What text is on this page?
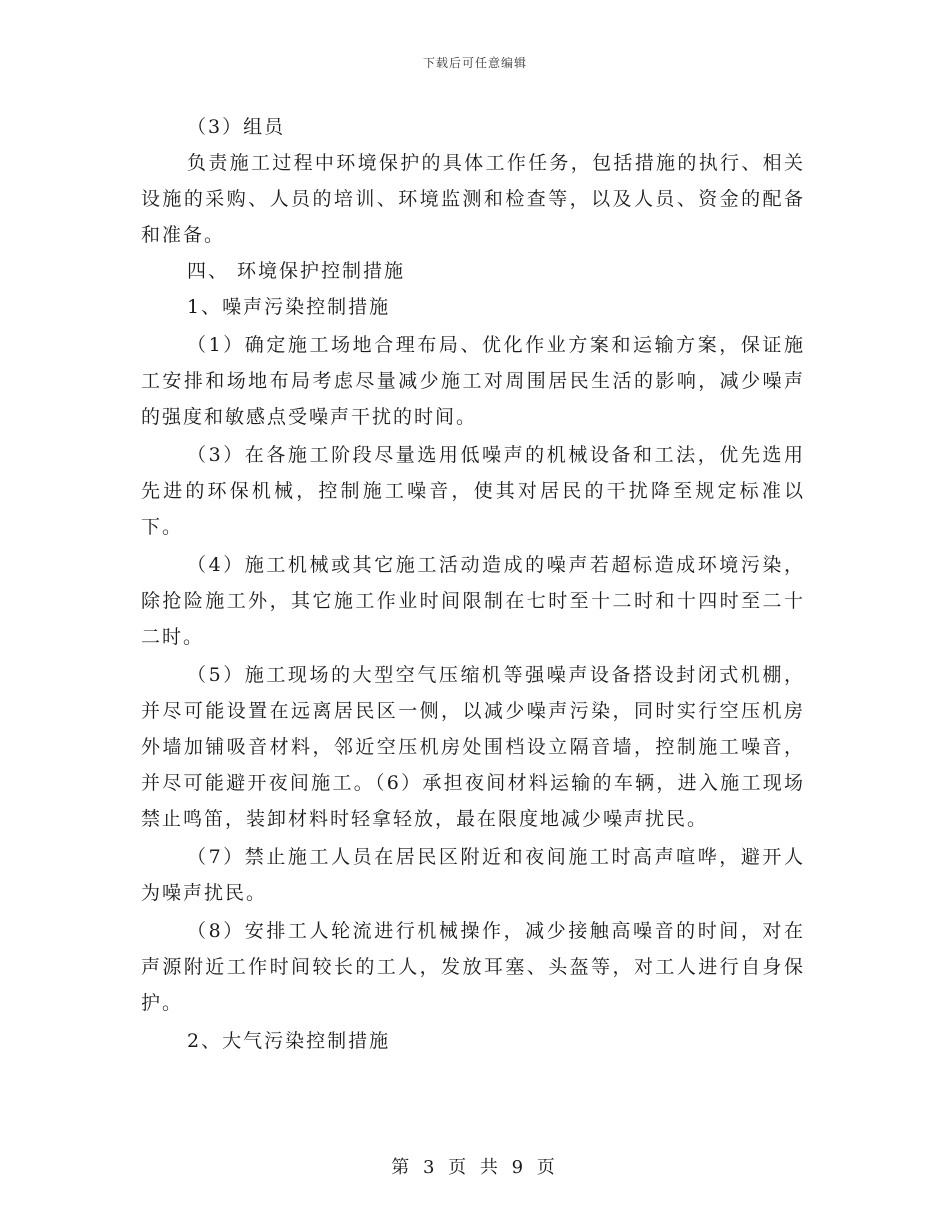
下载后可任意编辑

（3）组员

负责施工过程中环境保护的具体工作任务，包括措施的执行、相关设施的采购、人员的培训、环境监测和检查等，以及人员、资金的配备和准备。

四、 环境保护控制措施

1、噪声污染控制措施

（1）确定施工场地合理布局、优化作业方案和运输方案，保证施工安排和场地布局考虑尽量减少施工对周围居民生活的影响，减少噪声的强度和敏感点受噪声干扰的时间。

（3）在各施工阶段尽量选用低噪声的机械设备和工法，优先选用先进的环保机械，控制施工噪音，使其对居民的干扰降至规定标准以下。

（4）施工机械或其它施工活动造成的噪声若超标造成环境污染，除抢险施工外，其它施工作业时间限制在七时至十二时和十四时至二十二时。

（5）施工现场的大型空气压缩机等强噪声设备搭设封闭式机棚，并尽可能设置在远离居民区一侧，以减少噪声污染，同时实行空压机房外墙加铺吸音材料，邻近空压机房处围档设立隔音墙，控制施工噪音，并尽可能避开夜间施工。（6）承担夜间材料运输的车辆，进入施工现场禁止鸣笛，装卸材料时轻拿轻放，最在限度地减少噪声扰民。

（7）禁止施工人员在居民区附近和夜间施工时高声喧哗，避开人为噪声扰民。

（8）安排工人轮流进行机械操作，减少接触高噪音的时间，对在声源附近工作时间较长的工人，发放耳塞、头盔等，对工人进行自身保护。

2、大气污染控制措施

第 3 页 共 9 页
